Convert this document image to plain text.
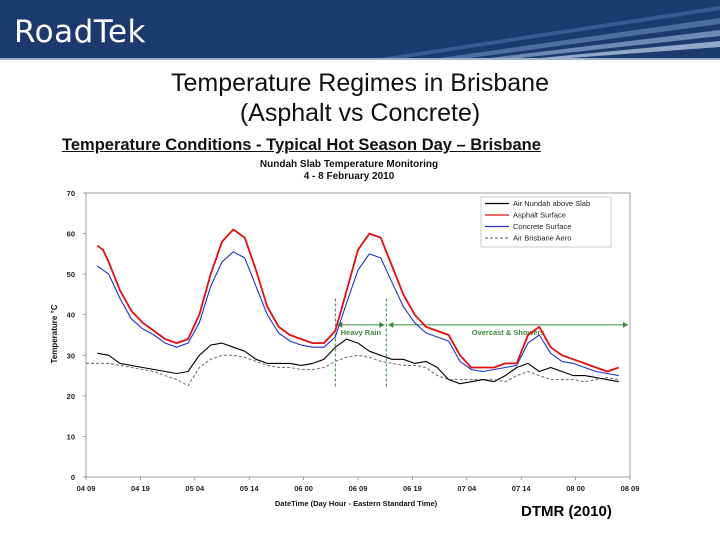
RoadTek
Temperature Regimes in Brisbane
(Asphalt vs Concrete)
Temperature Conditions - Typical Hot Season Day – Brisbane
Nundah Slab Temperature Monitoring
4 - 8 February 2010
0
10
20
30
40
50
60
70
04 09	04 19	05 04	05 14	06 00	06 09	06 19	07 04	07 14	08 00	08 09
Heavy Rain	Overcast & Showers
Temperature °C
DateTime (Day Hour - Eastern Standard Time)
Air Nundah above Slab
Asphalt Surface
Concrete Surface
Air Brisbane Aero
DTMR (2010)
